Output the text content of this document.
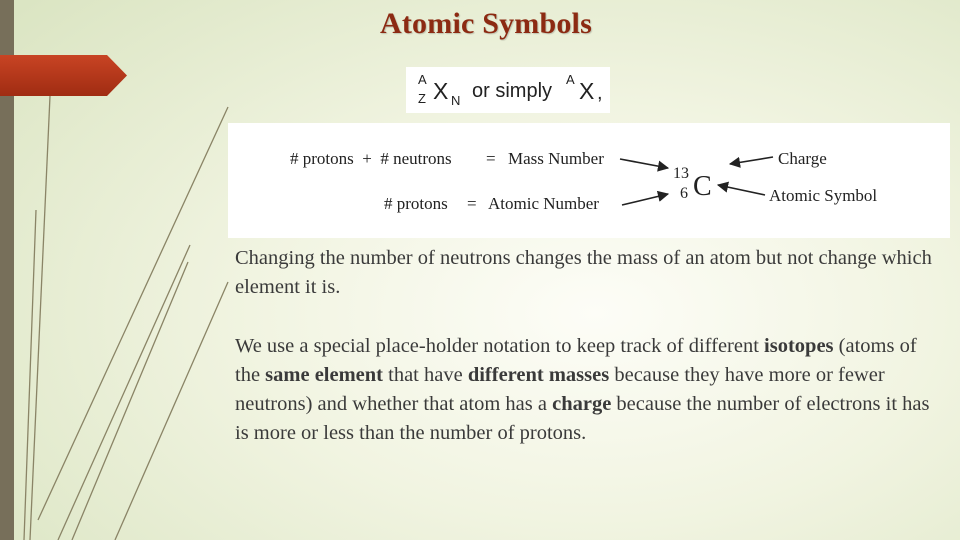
Atomic Symbols
A
Z X N or simply
A X ,
# protons  +  # neutrons = Mass Number
# protons = Atomic Number
13
6 C
Charge
Atomic Symbol
Changing the number of neutrons changes the mass of an atom but not change which element it is.
We use a special place-holder notation to keep track of different isotopes (atoms of the same element that have different masses because they have more or fewer neutrons) and whether that atom has a charge because the number of electrons it has is more or less than the number of protons.
